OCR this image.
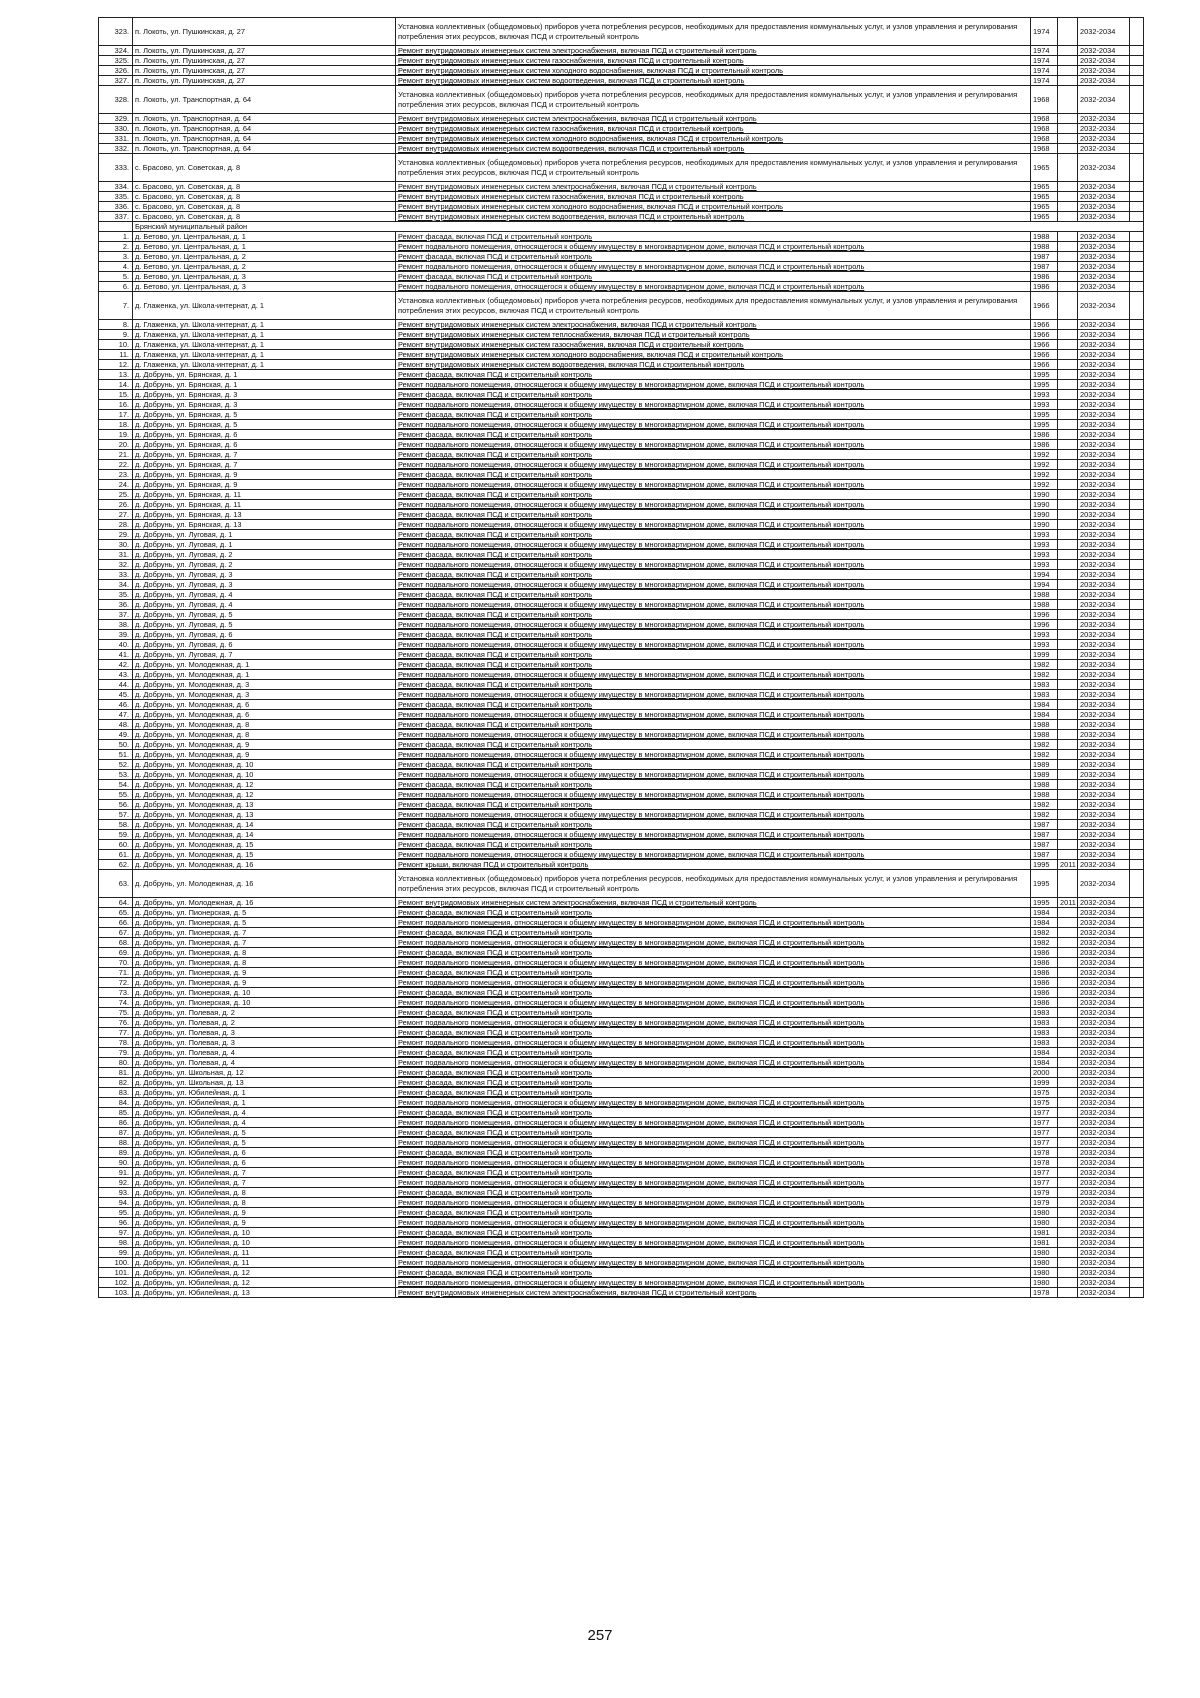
323.	п. Локоть, ул. Пушкинская, д. 27	Установка коллективных (общедомовых) приборов учета потребления ресурсов, необходимых для предоставления коммунальных услуг, и узлов управления и регулирования потребления этих ресурсов, включая ПСД и строительный контроль	1974		2032-2034	
324.	п. Локоть, ул. Пушкинская, д. 27	Ремонт внутридомовых инженерных систем электроснабжения, включая ПСД и строительный контроль	1974		2032-2034	
325.	п. Локоть, ул. Пушкинская, д. 27	Ремонт внутридомовых инженерных систем газоснабжения, включая ПСД и строительный контроль	1974		2032-2034	
326.	п. Локоть, ул. Пушкинская, д. 27	Ремонт внутридомовых инженерных систем холодного водоснабжения, включая ПСД и строительный контроль	1974		2032-2034	
327.	п. Локоть, ул. Пушкинская, д. 27	Ремонт внутридомовых инженерных систем водоотведения, включая ПСД и строительный контроль	1974		2032-2034	
328.	п. Локоть, ул. Транспортная, д. 64	Установка коллективных (общедомовых) приборов учета потребления ресурсов, необходимых для предоставления коммунальных услуг, и узлов управления и регулирования потребления этих ресурсов, включая ПСД и строительный контроль	1968		2032-2034	
329.	п. Локоть, ул. Транспортная, д. 64	Ремонт внутридомовых инженерных систем электроснабжения, включая ПСД и строительный контроль	1968		2032-2034	
330.	п. Локоть, ул. Транспортная, д. 64	Ремонт внутридомовых инженерных систем газоснабжения, включая ПСД и строительный контроль	1968		2032-2034	
331.	п. Локоть, ул. Транспортная, д. 64	Ремонт внутридомовых инженерных систем холодного водоснабжения, включая ПСД и строительный контроль	1968		2032-2034	
332.	п. Локоть, ул. Транспортная, д. 64	Ремонт внутридомовых инженерных систем водоотведения, включая ПСД и строительный контроль	1968		2032-2034	
333.	с. Брасово, ул. Советская, д. 8	Установка коллективных (общедомовых) приборов учета потребления ресурсов, необходимых для предоставления коммунальных услуг, и узлов управления и регулирования потребления этих ресурсов, включая ПСД и строительный контроль	1965		2032-2034	
334.	с. Брасово, ул. Советская, д. 8	Ремонт внутридомовых инженерных систем электроснабжения, включая ПСД и строительный контроль	1965		2032-2034	
335.	с. Брасово, ул. Советская, д. 8	Ремонт внутридомовых инженерных систем газоснабжения, включая ПСД и строительный контроль	1965		2032-2034	
336.	с. Брасово, ул. Советская, д. 8	Ремонт внутридомовых инженерных систем холодного водоснабжения, включая ПСД и строительный контроль	1965		2032-2034	
337.	с. Брасово, ул. Советская, д. 8	Ремонт внутридомовых инженерных систем водоотведения, включая ПСД и строительный контроль	1965		2032-2034	
	Брянский муниципальный район					
1.	д. Бетово, ул. Центральная, д. 1	Ремонт фасада, включая ПСД и строительный контроль	1988		2032-2034	
2.	д. Бетово, ул. Центральная, д. 1	Ремонт подвального помещения, относящегося к общему имуществу в многоквартирном доме, включая ПСД и строительный контроль	1988		2032-2034	
3.	д. Бетово, ул. Центральная, д. 2	Ремонт фасада, включая ПСД и строительный контроль	1987		2032-2034	
4.	д. Бетово, ул. Центральная, д. 2	Ремонт подвального помещения, относящегося к общему имуществу в многоквартирном доме, включая ПСД и строительный контроль	1987		2032-2034	
5.	д. Бетово, ул. Центральная, д. 3	Ремонт фасада, включая ПСД и строительный контроль	1986		2032-2034	
6.	д. Бетово, ул. Центральная, д. 3	Ремонт подвального помещения, относящегося к общему имуществу в многоквартирном доме, включая ПСД и строительный контроль	1986		2032-2034	
7.	д. Глаженка, ул. Школа-интернат, д. 1	Установка коллективных (общедомовых) приборов учета потребления ресурсов, необходимых для предоставления коммунальных услуг, и узлов управления и регулирования потребления этих ресурсов, включая ПСД и строительный контроль	1966		2032-2034	
8.	д. Глаженка, ул. Школа-интернат, д. 1	Ремонт внутридомовых инженерных систем электроснабжения, включая ПСД и строительный контроль	1966		2032-2034	
9.	д. Глаженка, ул. Школа-интернат, д. 1	Ремонт внутридомовых инженерных систем теплоснабжения, включая ПСД и строительный контроль	1966		2032-2034	
10.	д. Глаженка, ул. Школа-интернат, д. 1	Ремонт внутридомовых инженерных систем газоснабжения, включая ПСД и строительный контроль	1966		2032-2034	
11.	д. Глаженка, ул. Школа-интернат, д. 1	Ремонт внутридомовых инженерных систем холодного водоснабжения, включая ПСД и строительный контроль	1966		2032-2034	
12.	д. Глаженка, ул. Школа-интернат, д. 1	Ремонт внутридомовых инженерных систем водоотведения, включая ПСД и строительный контроль	1966		2032-2034	
13.	д. Добрунь, ул. Брянская, д. 1	Ремонт фасада, включая ПСД и строительный контроль	1995		2032-2034	
14.	д. Добрунь, ул. Брянская, д. 1	Ремонт подвального помещения, относящегося к общему имуществу в многоквартирном доме, включая ПСД и строительный контроль	1995		2032-2034	
15.	д. Добрунь, ул. Брянская, д. 3	Ремонт фасада, включая ПСД и строительный контроль	1993		2032-2034	
16.	д. Добрунь, ул. Брянская, д. 3	Ремонт подвального помещения, относящегося к общему имуществу в многоквартирном доме, включая ПСД и строительный контроль	1993		2032-2034	
17.	д. Добрунь, ул. Брянская, д. 5	Ремонт фасада, включая ПСД и строительный контроль	1995		2032-2034	
18.	д. Добрунь, ул. Брянская, д. 5	Ремонт подвального помещения, относящегося к общему имуществу в многоквартирном доме, включая ПСД и строительный контроль	1995		2032-2034	
19.	д. Добрунь, ул. Брянская, д. 6	Ремонт фасада, включая ПСД и строительный контроль	1986		2032-2034	
20.	д. Добрунь, ул. Брянская, д. 6	Ремонт подвального помещения, относящегося к общему имуществу в многоквартирном доме, включая ПСД и строительный контроль	1986		2032-2034	
21.	д. Добрунь, ул. Брянская, д. 7	Ремонт фасада, включая ПСД и строительный контроль	1992		2032-2034	
22.	д. Добрунь, ул. Брянская, д. 7	Ремонт подвального помещения, относящегося к общему имуществу в многоквартирном доме, включая ПСД и строительный контроль	1992		2032-2034	
23.	д. Добрунь, ул. Брянская, д. 9	Ремонт фасада, включая ПСД и строительный контроль	1992		2032-2034	
24.	д. Добрунь, ул. Брянская, д. 9	Ремонт подвального помещения, относящегося к общему имуществу в многоквартирном доме, включая ПСД и строительный контроль	1992		2032-2034	
25.	д. Добрунь, ул. Брянская, д. 11	Ремонт фасада, включая ПСД и строительный контроль	1990		2032-2034	
26.	д. Добрунь, ул. Брянская, д. 11	Ремонт подвального помещения, относящегося к общему имуществу в многоквартирном доме, включая ПСД и строительный контроль	1990		2032-2034	
27.	д. Добрунь, ул. Брянская, д. 13	Ремонт фасада, включая ПСД и строительный контроль	1990		2032-2034	
28.	д. Добрунь, ул. Брянская, д. 13	Ремонт подвального помещения, относящегося к общему имуществу в многоквартирном доме, включая ПСД и строительный контроль	1990		2032-2034	
29.	д. Добрунь, ул. Луговая, д. 1	Ремонт фасада, включая ПСД и строительный контроль	1993		2032-2034	
30.	д. Добрунь, ул. Луговая, д. 1	Ремонт подвального помещения, относящегося к общему имуществу в многоквартирном доме, включая ПСД и строительный контроль	1993		2032-2034	
31.	д. Добрунь, ул. Луговая, д. 2	Ремонт фасада, включая ПСД и строительный контроль	1993		2032-2034	
32.	д. Добрунь, ул. Луговая, д. 2	Ремонт подвального помещения, относящегося к общему имуществу в многоквартирном доме, включая ПСД и строительный контроль	1993		2032-2034	
33.	д. Добрунь, ул. Луговая, д. 3	Ремонт фасада, включая ПСД и строительный контроль	1994		2032-2034	
34.	д. Добрунь, ул. Луговая, д. 3	Ремонт подвального помещения, относящегося к общему имуществу в многоквартирном доме, включая ПСД и строительный контроль	1994		2032-2034	
35.	д. Добрунь, ул. Луговая, д. 4	Ремонт фасада, включая ПСД и строительный контроль	1988		2032-2034	
36.	д. Добрунь, ул. Луговая, д. 4	Ремонт подвального помещения, относящегося к общему имуществу в многоквартирном доме, включая ПСД и строительный контроль	1988		2032-2034	
37.	д. Добрунь, ул. Луговая, д. 5	Ремонт фасада, включая ПСД и строительный контроль	1996		2032-2034	
38.	д. Добрунь, ул. Луговая, д. 5	Ремонт подвального помещения, относящегося к общему имуществу в многоквартирном доме, включая ПСД и строительный контроль	1996		2032-2034	
39.	д. Добрунь, ул. Луговая, д. 6	Ремонт фасада, включая ПСД и строительный контроль	1993		2032-2034	
40.	д. Добрунь, ул. Луговая, д. 6	Ремонт подвального помещения, относящегося к общему имуществу в многоквартирном доме, включая ПСД и строительный контроль	1993		2032-2034	
41.	д. Добрунь, ул. Луговая, д. 7	Ремонт фасада, включая ПСД и строительный контроль	1999		2032-2034	
42.	д. Добрунь, ул. Молодежная, д. 1	Ремонт фасада, включая ПСД и строительный контроль	1982		2032-2034	
43.	д. Добрунь, ул. Молодежная, д. 1	Ремонт подвального помещения, относящегося к общему имуществу в многоквартирном доме, включая ПСД и строительный контроль	1982		2032-2034	
44.	д. Добрунь, ул. Молодежная, д. 3	Ремонт фасада, включая ПСД и строительный контроль	1983		2032-2034	
45.	д. Добрунь, ул. Молодежная, д. 3	Ремонт подвального помещения, относящегося к общему имуществу в многоквартирном доме, включая ПСД и строительный контроль	1983		2032-2034	
46.	д. Добрунь, ул. Молодежная, д. 6	Ремонт фасада, включая ПСД и строительный контроль	1984		2032-2034	
47.	д. Добрунь, ул. Молодежная, д. 6	Ремонт подвального помещения, относящегося к общему имуществу в многоквартирном доме, включая ПСД и строительный контроль	1984		2032-2034	
48.	д. Добрунь, ул. Молодежная, д. 8	Ремонт фасада, включая ПСД и строительный контроль	1988		2032-2034	
49.	д. Добрунь, ул. Молодежная, д. 8	Ремонт подвального помещения, относящегося к общему имуществу в многоквартирном доме, включая ПСД и строительный контроль	1988		2032-2034	
50.	д. Добрунь, ул. Молодежная, д. 9	Ремонт фасада, включая ПСД и строительный контроль	1982		2032-2034	
51.	д. Добрунь, ул. Молодежная, д. 9	Ремонт подвального помещения, относящегося к общему имуществу в многоквартирном доме, включая ПСД и строительный контроль	1982		2032-2034	
52.	д. Добрунь, ул. Молодежная, д. 10	Ремонт фасада, включая ПСД и строительный контроль	1989		2032-2034	
53.	д. Добрунь, ул. Молодежная, д. 10	Ремонт подвального помещения, относящегося к общему имуществу в многоквартирном доме, включая ПСД и строительный контроль	1989		2032-2034	
54.	д. Добрунь, ул. Молодежная, д. 12	Ремонт фасада, включая ПСД и строительный контроль	1988		2032-2034	
55.	д. Добрунь, ул. Молодежная, д. 12	Ремонт подвального помещения, относящегося к общему имуществу в многоквартирном доме, включая ПСД и строительный контроль	1988		2032-2034	
56.	д. Добрунь, ул. Молодежная, д. 13	Ремонт фасада, включая ПСД и строительный контроль	1982		2032-2034	
57.	д. Добрунь, ул. Молодежная, д. 13	Ремонт подвального помещения, относящегося к общему имуществу в многоквартирном доме, включая ПСД и строительный контроль	1982		2032-2034	
58.	д. Добрунь, ул. Молодежная, д. 14	Ремонт фасада, включая ПСД и строительный контроль	1987		2032-2034	
59.	д. Добрунь, ул. Молодежная, д. 14	Ремонт подвального помещения, относящегося к общему имуществу в многоквартирном доме, включая ПСД и строительный контроль	1987		2032-2034	
60.	д. Добрунь, ул. Молодежная, д. 15	Ремонт фасада, включая ПСД и строительный контроль	1987		2032-2034	
61.	д. Добрунь, ул. Молодежная, д. 15	Ремонт подвального помещения, относящегося к общему имуществу в многоквартирном доме, включая ПСД и строительный контроль	1987		2032-2034	
62.	д. Добрунь, ул. Молодежная, д. 16	Ремонт крыши, включая ПСД и строительный контроль	1995	2011	2032-2034	
63.	д. Добрунь, ул. Молодежная, д. 16	Установка коллективных (общедомовых) приборов учета потребления ресурсов, необходимых для предоставления коммунальных услуг, и узлов управления и регулирования потребления этих ресурсов, включая ПСД и строительный контроль	1995		2032-2034	
64.	д. Добрунь, ул. Молодежная, д. 16	Ремонт внутридомовых инженерных систем электроснабжения, включая ПСД и строительный контроль	1995	2011	2032-2034	
65.	д. Добрунь, ул. Пионерская, д. 5	Ремонт фасада, включая ПСД и строительный контроль	1984		2032-2034	
66.	д. Добрунь, ул. Пионерская, д. 5	Ремонт подвального помещения, относящегося к общему имуществу в многоквартирном доме, включая ПСД и строительный контроль	1984		2032-2034	
67.	д. Добрунь, ул. Пионерская, д. 7	Ремонт фасада, включая ПСД и строительный контроль	1982		2032-2034	
68.	д. Добрунь, ул. Пионерская, д. 7	Ремонт подвального помещения, относящегося к общему имуществу в многоквартирном доме, включая ПСД и строительный контроль	1982		2032-2034	
69.	д. Добрунь, ул. Пионерская, д. 8	Ремонт фасада, включая ПСД и строительный контроль	1986		2032-2034	
70.	д. Добрунь, ул. Пионерская, д. 8	Ремонт подвального помещения, относящегося к общему имуществу в многоквартирном доме, включая ПСД и строительный контроль	1986		2032-2034	
71.	д. Добрунь, ул. Пионерская, д. 9	Ремонт фасада, включая ПСД и строительный контроль	1986		2032-2034	
72.	д. Добрунь, ул. Пионерская, д. 9	Ремонт подвального помещения, относящегося к общему имуществу в многоквартирном доме, включая ПСД и строительный контроль	1986		2032-2034	
73.	д. Добрунь, ул. Пионерская, д. 10	Ремонт фасада, включая ПСД и строительный контроль	1986		2032-2034	
74.	д. Добрунь, ул. Пионерская, д. 10	Ремонт подвального помещения, относящегося к общему имуществу в многоквартирном доме, включая ПСД и строительный контроль	1986		2032-2034	
75.	д. Добрунь, ул. Полевая, д. 2	Ремонт фасада, включая ПСД и строительный контроль	1983		2032-2034	
76.	д. Добрунь, ул. Полевая, д. 2	Ремонт подвального помещения, относящегося к общему имуществу в многоквартирном доме, включая ПСД и строительный контроль	1983		2032-2034	
77.	д. Добрунь, ул. Полевая, д. 3	Ремонт фасада, включая ПСД и строительный контроль	1983		2032-2034	
78.	д. Добрунь, ул. Полевая, д. 3	Ремонт подвального помещения, относящегося к общему имуществу в многоквартирном доме, включая ПСД и строительный контроль	1983		2032-2034	
79.	д. Добрунь, ул. Полевая, д. 4	Ремонт фасада, включая ПСД и строительный контроль	1984		2032-2034	
80.	д. Добрунь, ул. Полевая, д. 4	Ремонт подвального помещения, относящегося к общему имуществу в многоквартирном доме, включая ПСД и строительный контроль	1984		2032-2034	
81.	д. Добрунь, ул. Школьная, д. 12	Ремонт фасада, включая ПСД и строительный контроль	2000		2032-2034	
82.	д. Добрунь, ул. Школьная, д. 13	Ремонт фасада, включая ПСД и строительный контроль	1999		2032-2034	
83.	д. Добрунь, ул. Юбилейная, д. 1	Ремонт фасада, включая ПСД и строительный контроль	1975		2032-2034	
84.	д. Добрунь, ул. Юбилейная, д. 1	Ремонт подвального помещения, относящегося к общему имуществу в многоквартирном доме, включая ПСД и строительный контроль	1975		2032-2034	
85.	д. Добрунь, ул. Юбилейная, д. 4	Ремонт фасада, включая ПСД и строительный контроль	1977		2032-2034	
86.	д. Добрунь, ул. Юбилейная, д. 4	Ремонт подвального помещения, относящегося к общему имуществу в многоквартирном доме, включая ПСД и строительный контроль	1977		2032-2034	
87.	д. Добрунь, ул. Юбилейная, д. 5	Ремонт фасада, включая ПСД и строительный контроль	1977		2032-2034	
88.	д. Добрунь, ул. Юбилейная, д. 5	Ремонт подвального помещения, относящегося к общему имуществу в многоквартирном доме, включая ПСД и строительный контроль	1977		2032-2034	
89.	д. Добрунь, ул. Юбилейная, д. 6	Ремонт фасада, включая ПСД и строительный контроль	1978		2032-2034	
90.	д. Добрунь, ул. Юбилейная, д. 6	Ремонт подвального помещения, относящегося к общему имуществу в многоквартирном доме, включая ПСД и строительный контроль	1978		2032-2034	
91.	д. Добрунь, ул. Юбилейная, д. 7	Ремонт фасада, включая ПСД и строительный контроль	1977		2032-2034	
92.	д. Добрунь, ул. Юбилейная, д. 7	Ремонт подвального помещения, относящегося к общему имуществу в многоквартирном доме, включая ПСД и строительный контроль	1977		2032-2034	
93.	д. Добрунь, ул. Юбилейная, д. 8	Ремонт фасада, включая ПСД и строительный контроль	1979		2032-2034	
94.	д. Добрунь, ул. Юбилейная, д. 8	Ремонт подвального помещения, относящегося к общему имуществу в многоквартирном доме, включая ПСД и строительный контроль	1979		2032-2034	
95.	д. Добрунь, ул. Юбилейная, д. 9	Ремонт фасада, включая ПСД и строительный контроль	1980		2032-2034	
96.	д. Добрунь, ул. Юбилейная, д. 9	Ремонт подвального помещения, относящегося к общему имуществу в многоквартирном доме, включая ПСД и строительный контроль	1980		2032-2034	
97.	д. Добрунь, ул. Юбилейная, д. 10	Ремонт фасада, включая ПСД и строительный контроль	1981		2032-2034	
98.	д. Добрунь, ул. Юбилейная, д. 10	Ремонт подвального помещения, относящегося к общему имуществу в многоквартирном доме, включая ПСД и строительный контроль	1981		2032-2034	
99.	д. Добрунь, ул. Юбилейная, д. 11	Ремонт фасада, включая ПСД и строительный контроль	1980		2032-2034	
100.	д. Добрунь, ул. Юбилейная, д. 11	Ремонт подвального помещения, относящегося к общему имуществу в многоквартирном доме, включая ПСД и строительный контроль	1980		2032-2034	
101.	д. Добрунь, ул. Юбилейная, д. 12	Ремонт фасада, включая ПСД и строительный контроль	1980		2032-2034	
102.	д. Добрунь, ул. Юбилейная, д. 12	Ремонт подвального помещения, относящегося к общему имуществу в многоквартирном доме, включая ПСД и строительный контроль	1980		2032-2034	
103.	д. Добрунь, ул. Юбилейная, д. 13	Ремонт внутридомовых инженерных систем электроснабжения, включая ПСД и строительный контроль	1978		2032-2034	
257
